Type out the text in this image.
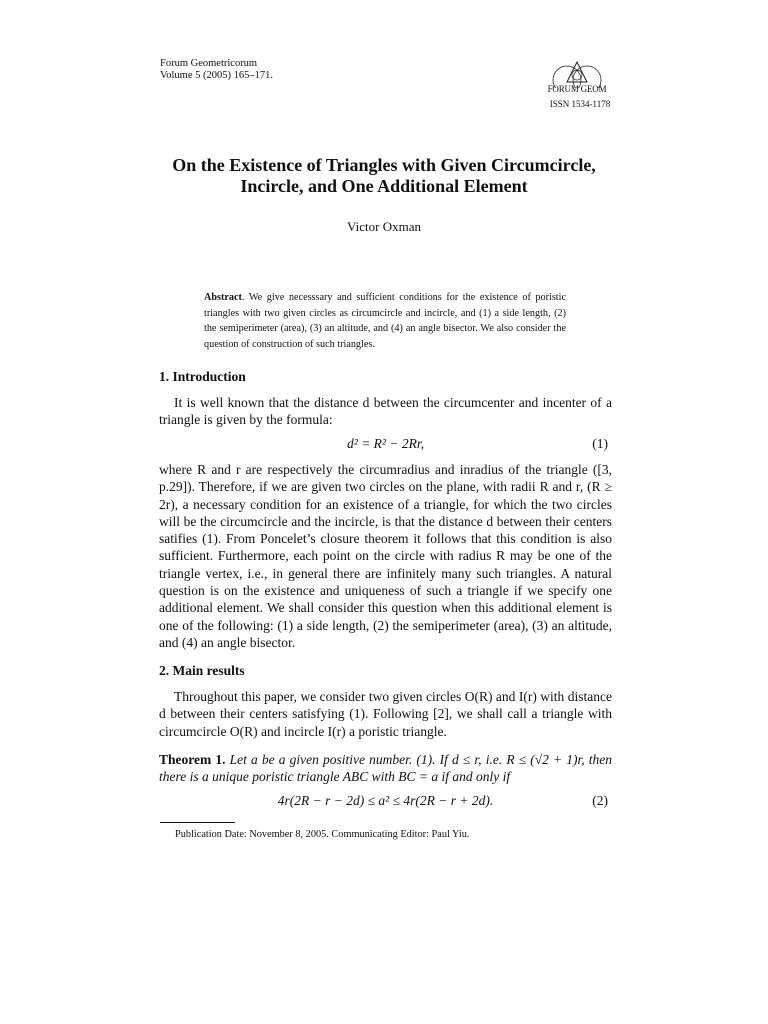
Forum Geometricorum
Volume 5 (2005) 165–171.
FORUM GEOM
ISSN 1534-1178
On the Existence of Triangles with Given Circumcircle,
Incircle, and One Additional Element
Victor Oxman
Abstract. We give necesssary and sufficient conditions for the existence of poristic triangles with two given circles as circumcircle and incircle, and (1) a side length, (2) the semiperimeter (area), (3) an altitude, and (4) an angle bisector. We also consider the question of construction of such triangles.
1. Introduction
It is well known that the distance d between the circumcenter and incenter of a triangle is given by the formula:
d² = R² − 2Rr,	(1)
where R and r are respectively the circumradius and inradius of the triangle ([3, p.29]). Therefore, if we are given two circles on the plane, with radii R and r, (R ≥ 2r), a necessary condition for an existence of a triangle, for which the two circles will be the circumcircle and the incircle, is that the distance d between their centers satifies (1). From Poncelet’s closure theorem it follows that this condition is also sufficient. Furthermore, each point on the circle with radius R may be one of the triangle vertex, i.e., in general there are infinitely many such triangles. A natural question is on the existence and uniqueness of such a triangle if we specify one additional element. We shall consider this question when this additional element is one of the following: (1) a side length, (2) the semiperimeter (area), (3) an altitude, and (4) an angle bisector.
2. Main results
Throughout this paper, we consider two given circles O(R) and I(r) with distance d between their centers satisfying (1). Following [2], we shall call a triangle with circumcircle O(R) and incircle I(r) a poristic triangle.
Theorem 1. Let a be a given positive number. (1). If d ≤ r, i.e. R ≤ (√2 + 1)r, then there is a unique poristic triangle ABC with BC = a if and only if
4r(2R − r − 2d) ≤ a² ≤ 4r(2R − r + 2d).	(2)
Publication Date: November 8, 2005. Communicating Editor: Paul Yiu.
